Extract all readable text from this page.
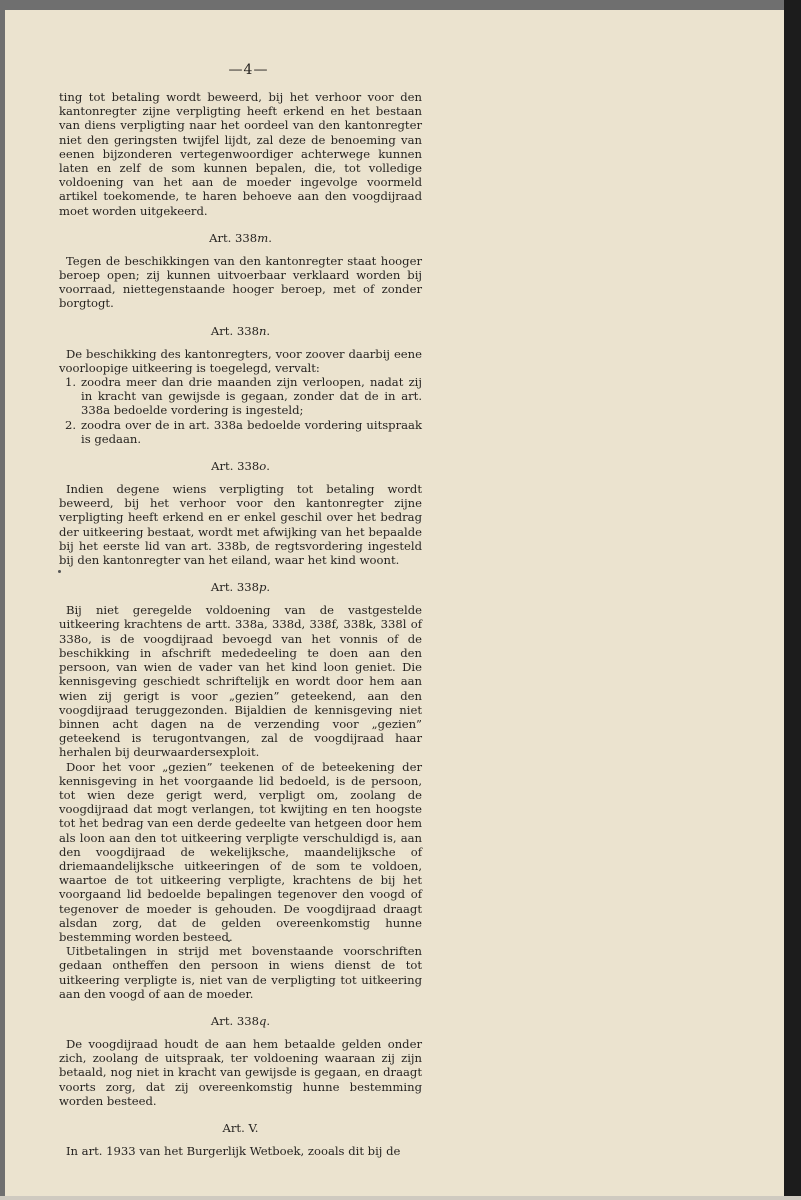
—4—

ting tot betaling wordt beweerd, bij het verhoor voor den kantonregter zijne verpligting heeft erkend en het bestaan van diens verpligting naar het oordeel van den kantonregter niet den geringsten twijfel lijdt, zal deze de benoeming van eenen bijzonderen vertegenwoordiger achterwege kunnen laten en zelf de som kunnen bepalen, die, tot volledige voldoening van het aan de moeder ingevolge voormeld artikel toekomende, te haren behoeve aan den voogdijraad moet worden uitgekeerd.

Art. 338m.

Tegen de beschikkingen van den kantonregter staat hooger beroep open; zij kunnen uitvoerbaar verklaard worden bij voorraad, niettegenstaande hooger beroep, met of zonder borgtogt.

Art. 338n.

De beschikking des kantonregters, voor zoover daarbij eene voorloopige uitkeering is toegelegd, vervalt:

1. zoodra meer dan drie maanden zijn verloopen, nadat zij in kracht van gewijsde is gegaan, zonder dat de in art. 338a bedoelde vordering is ingesteld;
2. zoodra over de in art. 338a bedoelde vordering uitspraak is gedaan.
Art. 338o.

Indien degene wiens verpligting tot betaling wordt beweerd, bij het verhoor voor den kantonregter zijne verpligting heeft erkend en er enkel geschil over het bedrag der uitkeering bestaat, wordt met afwijking van het bepaalde bij het eerste lid van art. 338b, de regtsvordering ingesteld bij den kantonregter van het eiland, waar het kind woont.

Art. 338p.

Bij niet geregelde voldoening van de vastgestelde uitkeering krachtens de artt. 338a, 338d, 338f, 338k, 338l of 338o, is de voogdijraad bevoegd van het vonnis of de beschikking in afschrift mededeeling te doen aan den persoon, van wien de vader van het kind loon geniet. Die kennisgeving geschiedt schriftelijk en wordt door hem aan wien zij gerigt is voor „gezien” geteekend, aan den voogdijraad teruggezonden. Bijaldien de kennisgeving niet binnen acht dagen na de verzending voor „gezien” geteekend is terugontvangen, zal de voogdijraad haar herhalen bij deurwaardersexploit.

Door het voor „gezien” teekenen of de beteekening der kennisgeving in het voorgaande lid bedoeld, is de persoon, tot wien deze gerigt werd, verpligt om, zoolang de voogdijraad dat mogt verlangen, tot kwijting en ten hoogste tot het bedrag van een derde gedeelte van hetgeen door hem als loon aan den tot uitkeering verpligte verschuldigd is, aan den voogdijraad de wekelijksche, maandelijksche of driemaandelijksche uitkeeringen of de som te voldoen, waartoe de tot uitkeering verpligte, krachtens de bij het voorgaand lid bedoelde bepalingen tegenover den voogd of tegenover de moeder is gehouden. De voogdijraad draagt alsdan zorg, dat de gelden overeenkomstig hunne bestemming worden besteed.

Uitbetalingen in strijd met bovenstaande voorschriften gedaan ontheffen den persoon in wiens dienst de tot uitkeering verpligte is, niet van de verpligting tot uitkeering aan den voogd of aan de moeder.

Art. 338q.

De voogdijraad houdt de aan hem betaalde gelden onder zich, zoolang de uitspraak, ter voldoening waaraan zij zijn betaald, nog niet in kracht van gewijsde is gegaan, en draagt voorts zorg, dat zij overeenkomstig hunne bestemming worden besteed.

Art. V.

In art. 1933 van het Burgerlijk Wetboek, zooals dit bij de
